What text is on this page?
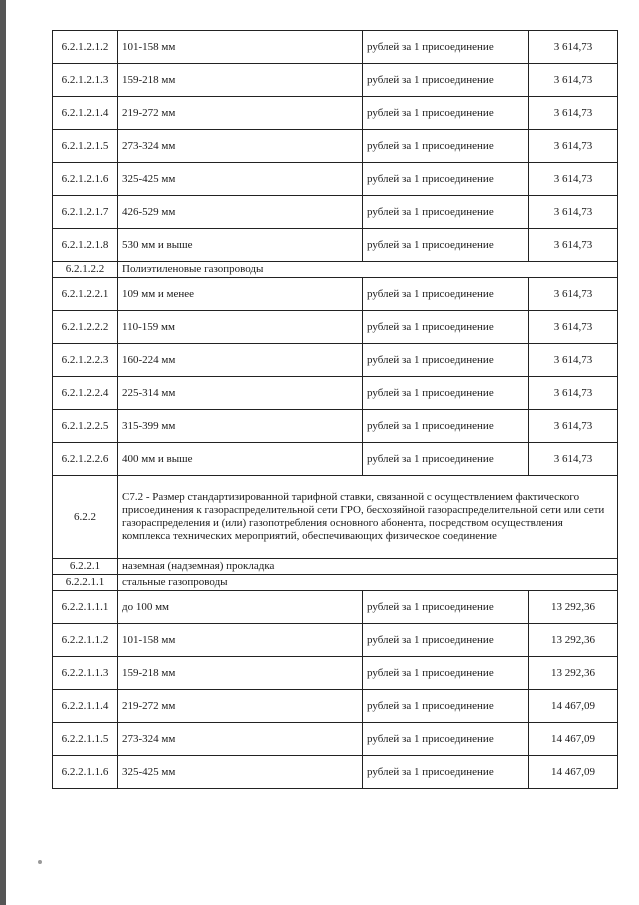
6.2.1.2.1.2	101-158 мм	рублей за 1 присоединение	3 614,73
6.2.1.2.1.3	159-218 мм	рублей за 1 присоединение	3 614,73
6.2.1.2.1.4	219-272 мм	рублей за 1 присоединение	3 614,73
6.2.1.2.1.5	273-324 мм	рублей за 1 присоединение	3 614,73
6.2.1.2.1.6	325-425 мм	рублей за 1 присоединение	3 614,73
6.2.1.2.1.7	426-529 мм	рублей за 1 присоединение	3 614,73
6.2.1.2.1.8	530 мм и выше	рублей за 1 присоединение	3 614,73
6.2.1.2.2	Полиэтиленовые газопроводы		
6.2.1.2.2.1	109 мм и менее	рублей за 1 присоединение	3 614,73
6.2.1.2.2.2	110-159 мм	рублей за 1 присоединение	3 614,73
6.2.1.2.2.3	160-224 мм	рублей за 1 присоединение	3 614,73
6.2.1.2.2.4	225-314 мм	рублей за 1 присоединение	3 614,73
6.2.1.2.2.5	315-399 мм	рублей за 1 присоединение	3 614,73
6.2.1.2.2.6	400 мм и выше	рублей за 1 присоединение	3 614,73
6.2.2	С7.2 - Размер стандартизированной тарифной ставки, связанной с осуществлением фактического присоединения к газораспределительной сети ГРО, бесхозяйной газораспределительной сети или сети газораспределения и (или) газопотребления основного абонента, посредством осуществления комплекса технических мероприятий, обеспечивающих физическое соединение		
6.2.2.1	наземная (надземная) прокладка		
6.2.2.1.1	стальные газопроводы		
6.2.2.1.1.1	до 100 мм	рублей за 1 присоединение	13 292,36
6.2.2.1.1.2	101-158 мм	рублей за 1 присоединение	13 292,36
6.2.2.1.1.3	159-218 мм	рублей за 1 присоединение	13 292,36
6.2.2.1.1.4	219-272 мм	рублей за 1 присоединение	14 467,09
6.2.2.1.1.5	273-324 мм	рублей за 1 присоединение	14 467,09
6.2.2.1.1.6	325-425 мм	рублей за 1 присоединение	14 467,09
